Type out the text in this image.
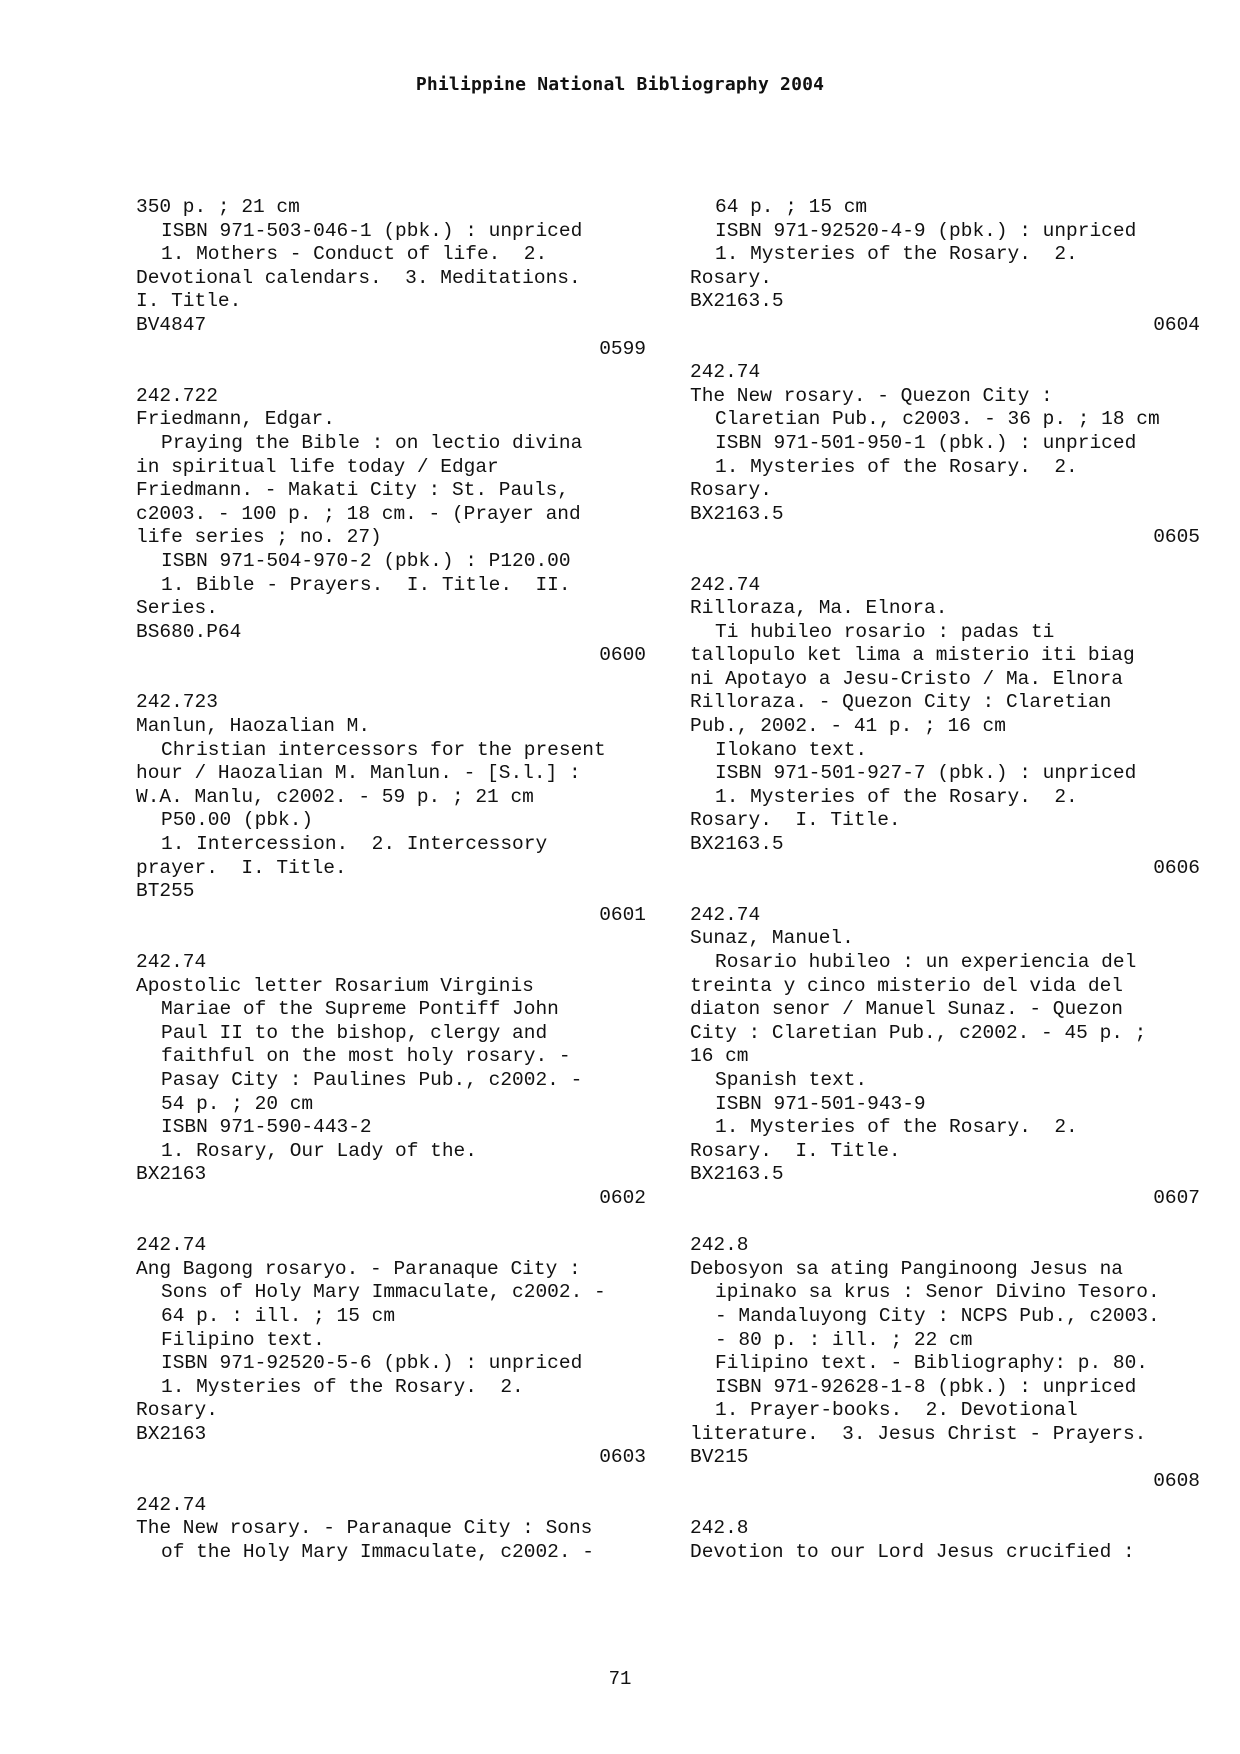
Philippine National Bibliography 2004
350 p. ; 21 cm
ISBN 971-503-046-1 (pbk.) : unpriced
1. Mothers - Conduct of life.  2.
Devotional calendars.  3. Meditations.
I. Title.
BV4847
0599
242.722
Friedmann, Edgar.
Praying the Bible : on lectio divina
in spiritual life today / Edgar
Friedmann. - Makati City : St. Pauls,
c2003. - 100 p. ; 18 cm. - (Prayer and
life series ; no. 27)
ISBN 971-504-970-2 (pbk.) : P120.00
1. Bible - Prayers.  I. Title.  II.
Series.
BS680.P64
0600
242.723
Manlun, Haozalian M.
Christian intercessors for the present
hour / Haozalian M. Manlun. - [S.l.] :
W.A. Manlu, c2002. - 59 p. ; 21 cm
P50.00 (pbk.)
1. Intercession.  2. Intercessory
prayer.  I. Title.
BT255
0601
242.74
Apostolic letter Rosarium Virginis
Mariae of the Supreme Pontiff John
Paul II to the bishop, clergy and
faithful on the most holy rosary. -
Pasay City : Paulines Pub., c2002. -
54 p. ; 20 cm
ISBN 971-590-443-2
1. Rosary, Our Lady of the.
BX2163
0602
242.74
Ang Bagong rosaryo. - Paranaque City :
Sons of Holy Mary Immaculate, c2002. -
64 p. : ill. ; 15 cm
Filipino text.
ISBN 971-92520-5-6 (pbk.) : unpriced
1. Mysteries of the Rosary.  2.
Rosary.
BX2163
0603
242.74
The New rosary. - Paranaque City : Sons
of the Holy Mary Immaculate, c2002. -
64 p. ; 15 cm
ISBN 971-92520-4-9 (pbk.) : unpriced
1. Mysteries of the Rosary.  2.
Rosary.
BX2163.5
0604
242.74
The New rosary. - Quezon City :
Claretian Pub., c2003. - 36 p. ; 18 cm
ISBN 971-501-950-1 (pbk.) : unpriced
1. Mysteries of the Rosary.  2.
Rosary.
BX2163.5
0605
242.74
Rilloraza, Ma. Elnora.
Ti hubileo rosario : padas ti
tallopulo ket lima a misterio iti biag
ni Apotayo a Jesu-Cristo / Ma. Elnora
Rilloraza. - Quezon City : Claretian
Pub., 2002. - 41 p. ; 16 cm
Ilokano text.
ISBN 971-501-927-7 (pbk.) : unpriced
1. Mysteries of the Rosary.  2.
Rosary.  I. Title.
BX2163.5
0606
242.74
Sunaz, Manuel.
Rosario hubileo : un experiencia del
treinta y cinco misterio del vida del
diaton senor / Manuel Sunaz. - Quezon
City : Claretian Pub., c2002. - 45 p. ;
16 cm
Spanish text.
ISBN 971-501-943-9
1. Mysteries of the Rosary.  2.
Rosary.  I. Title.
BX2163.5
0607
242.8
Debosyon sa ating Panginoong Jesus na
ipinako sa krus : Senor Divino Tesoro.
- Mandaluyong City : NCPS Pub., c2003.
- 80 p. : ill. ; 22 cm
Filipino text. - Bibliography: p. 80.
ISBN 971-92628-1-8 (pbk.) : unpriced
1. Prayer-books.  2. Devotional
literature.  3. Jesus Christ - Prayers.
BV215
0608
242.8
Devotion to our Lord Jesus crucified :
71
